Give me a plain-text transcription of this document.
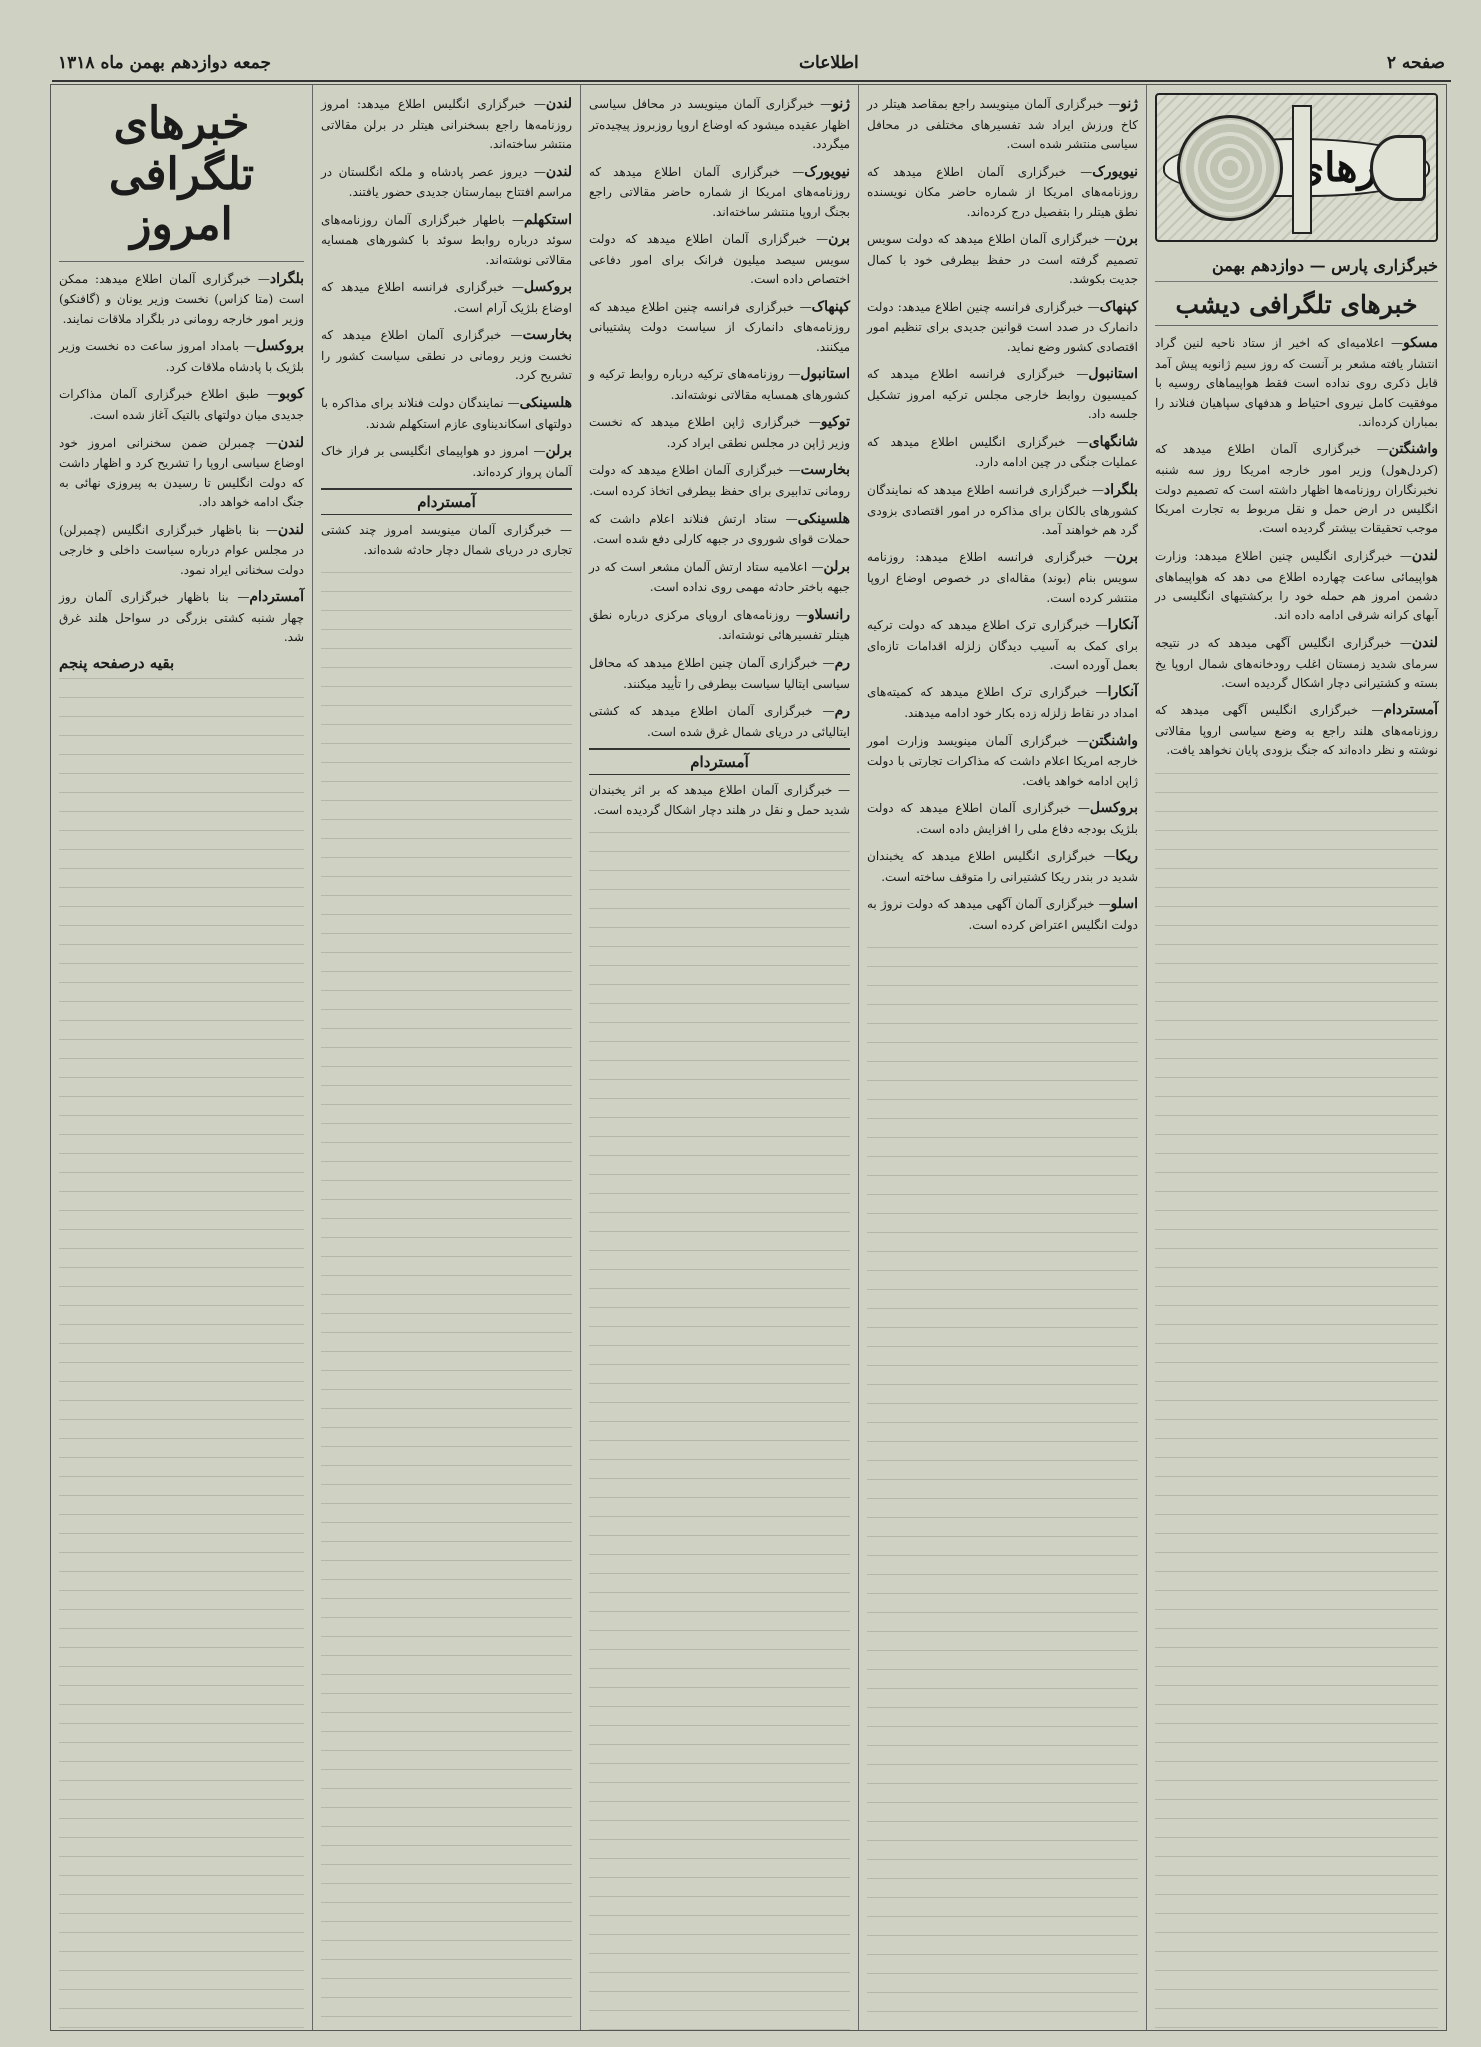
صفحه ۲
اطلاعات
جمعه دوازدهم بهمن ماه ۱۳۱۸
خبرهای
خبرگزاری پارس — دوازدهم بهمن
خبرهای تلگرافی دیشب

مسکو— اعلامیه‌ای که اخیر از ستاد ناحیه لنین گراد انتشار یافته مشعر بر آنست که روز سیم ژانویه پیش آمد قابل ذکری روی نداده است فقط هواپیماهای روسیه با موفقیت کامل نیروی احتیاط و هدفهای سپاهیان فنلاند را بمباران کرده‌اند.

واشنگتن— خبرگزاری آلمان اطلاع میدهد که (کردل‌هول) وزیر امور خارجه امریکا روز سه شنبه نخبرنگاران روزنامه‌ها اظهار داشته است که تصمیم دولت انگلیس در ارض حمل و نقل مربوط به تجارت امریکا موجب تحقیقات بیشتر گردیده است.

لندن— خبرگزاری انگلیس چنین اطلاع میدهد: وزارت هواپیمائی ساعت چهارده اطلاع می دهد که هواپیماهای دشمن امروز هم حمله خود را برکشتیهای انگلیسی در آبهای کرانه شرقی ادامه داده اند.

لندن— خبرگزاری انگلیس آگهی میدهد که در نتیجه سرمای شدید زمستان اغلب رودخانه‌های شمال اروپا یخ بسته و کشتیرانی دچار اشکال گردیده است.

آمستردام— خبرگزاری انگلیس آگهی میدهد که روزنامه‌های هلند راجع به وضع سیاسی اروپا مقالاتی نوشته و نظر داده‌اند که جنگ بزودی پایان نخواهد یافت.

ژنو— خبرگزاری آلمان مینویسد راجع بمقاصد هیتلر در کاخ ورزش ایراد شد تفسیرهای مختلفی در محافل سیاسی منتشر شده است.

نیویورک— خبرگزاری آلمان اطلاع میدهد که روزنامه‌های امریکا از شماره حاضر مکان نویسنده نطق هیتلر را بتفصیل درج کرده‌اند.

برن— خبرگزاری آلمان اطلاع میدهد که دولت سویس تصمیم گرفته است در حفظ بیطرفی خود با کمال جدیت بکوشد.

کپنهاک— خبرگزاری فرانسه چنین اطلاع میدهد: دولت دانمارک در صدد است قوانین جدیدی برای تنظیم امور اقتصادی کشور وضع نماید.

استانبول— خبرگزاری فرانسه اطلاع میدهد که کمیسیون روابط خارجی مجلس ترکیه امروز تشکیل جلسه داد.

شانگهای— خبرگزاری انگلیس اطلاع میدهد که عملیات جنگی در چین ادامه دارد.

بلگراد— خبرگزاری فرانسه اطلاع میدهد که نمایندگان کشورهای بالکان برای مذاکره در امور اقتصادی بزودی گرد هم خواهند آمد.

برن— خبرگزاری فرانسه اطلاع میدهد: روزنامه سویس بنام (بوند) مقاله‌ای در خصوص اوضاع اروپا منتشر کرده است.

آنکارا— خبرگزاری ترک اطلاع میدهد که دولت ترکیه برای کمک به آسیب دیدگان زلزله اقدامات تازه‌ای بعمل آورده است.

آنکارا— خبرگزاری ترک اطلاع میدهد که کمیته‌های امداد در نقاط زلزله زده بکار خود ادامه میدهند.

واشنگتن— خبرگزاری آلمان مینویسد وزارت امور خارجه امریکا اعلام داشت که مذاکرات تجارتی با دولت ژاپن ادامه خواهد یافت.

بروکسل— خبرگزاری آلمان اطلاع میدهد که دولت بلژیک بودجه دفاع ملی را افزایش داده است.

ریکا— خبرگزاری انگلیس اطلاع میدهد که یخبندان شدید در بندر ریکا کشتیرانی را متوقف ساخته است.

اسلو— خبرگزاری آلمان آگهی میدهد که دولت نروژ به دولت انگلیس اعتراض کرده است.

ژنو— خبرگزاری آلمان مینویسد در محافل سیاسی اظهار عقیده میشود که اوضاع اروپا روزبروز پیچیده‌تر میگردد.

نیویورک— خبرگزاری آلمان اطلاع میدهد که روزنامه‌های امریکا از شماره حاضر مقالاتی راجع بجنگ اروپا منتشر ساخته‌اند.

برن— خبرگزاری آلمان اطلاع میدهد که دولت سویس سیصد میلیون فرانک برای امور دفاعی اختصاص داده است.

کپنهاک— خبرگزاری فرانسه چنین اطلاع میدهد که روزنامه‌های دانمارک از سیاست دولت پشتیبانی میکنند.

استانبول— روزنامه‌های ترکیه درباره روابط ترکیه و کشورهای همسایه مقالاتی نوشته‌اند.

توکیو— خبرگزاری ژاپن اطلاع میدهد که نخست وزیر ژاپن در مجلس نطقی ایراد کرد.

بخارست— خبرگزاری آلمان اطلاع میدهد که دولت رومانی تدابیری برای حفظ بیطرفی اتخاذ کرده است.

هلسینکی— ستاد ارتش فنلاند اعلام داشت که حملات قوای شوروی در جبهه کارلی دفع شده است.

برلن— اعلامیه ستاد ارتش آلمان مشعر است که در جبهه باختر حادثه مهمی روی نداده است.

رانسلاو— روزنامه‌های اروپای مرکزی درباره نطق هیتلر تفسیرهائی نوشته‌اند.

رم— خبرگزاری آلمان چنین اطلاع میدهد که محافل سیاسی ایتالیا سیاست بیطرفی را تأیید میکنند.

رم— خبرگزاری آلمان اطلاع میدهد که کشتی ایتالیائی در دریای شمال غرق شده است.

آمستردام

— خبرگزاری آلمان اطلاع میدهد که بر اثر یخبندان شدید حمل و نقل در هلند دچار اشکال گردیده است.

لندن— خبرگزاری انگلیس اطلاع میدهد: امروز روزنامه‌ها راجع بسخنرانی هیتلر در برلن مقالاتی منتشر ساخته‌اند.

لندن— دیروز عصر پادشاه و ملکه انگلستان در مراسم افتتاح بیمارستان جدیدی حضور یافتند.

استکهلم— باطهار خبرگزاری آلمان روزنامه‌های سوئد درباره روابط سوئد با کشورهای همسایه مقالاتی نوشته‌اند.

بروکسل— خبرگزاری فرانسه اطلاع میدهد که اوضاع بلژیک آرام است.

بخارست— خبرگزاری آلمان اطلاع میدهد که نخست وزیر رومانی در نطقی سیاست کشور را تشریح کرد.

هلسینکی— نمایندگان دولت فنلاند برای مذاکره با دولتهای اسکاندیناوی عازم استکهلم شدند.

برلن— امروز دو هواپیمای انگلیسی بر فراز خاک آلمان پرواز کرده‌اند.

آمستردام

— خبرگزاری آلمان مینویسد امروز چند کشتی تجاری در دریای شمال دچار حادثه شده‌اند.

خبرهای تلگرافی امروز

بلگراد— خبرگزاری آلمان اطلاع میدهد: ممکن است (متا کزاس) نخست وزیر یونان و (گافنکو) وزیر امور خارجه رومانی در بلگراد ملاقات نمایند.

بروکسل— بامداد امروز ساعت ده نخست وزیر بلژیک با پادشاه ملاقات کرد.

کوبو— طبق اطلاع خبرگزاری آلمان مذاکرات جدیدی میان دولتهای بالتیک آغاز شده است.

لندن— چمبرلن ضمن سخنرانی امروز خود اوضاع سیاسی اروپا را تشریح کرد و اظهار داشت که دولت انگلیس تا رسیدن به پیروزی نهائی به جنگ ادامه خواهد داد.

لندن— بنا باظهار خبرگزاری انگلیس (چمبرلن) در مجلس عوام درباره سیاست داخلی و خارجی دولت سخنانی ایراد نمود.

آمستردام— بنا باظهار خبرگزاری آلمان روز چهار شنبه کشتی بزرگی در سواحل هلند غرق شد.

بقیه درصفحه پنجم
